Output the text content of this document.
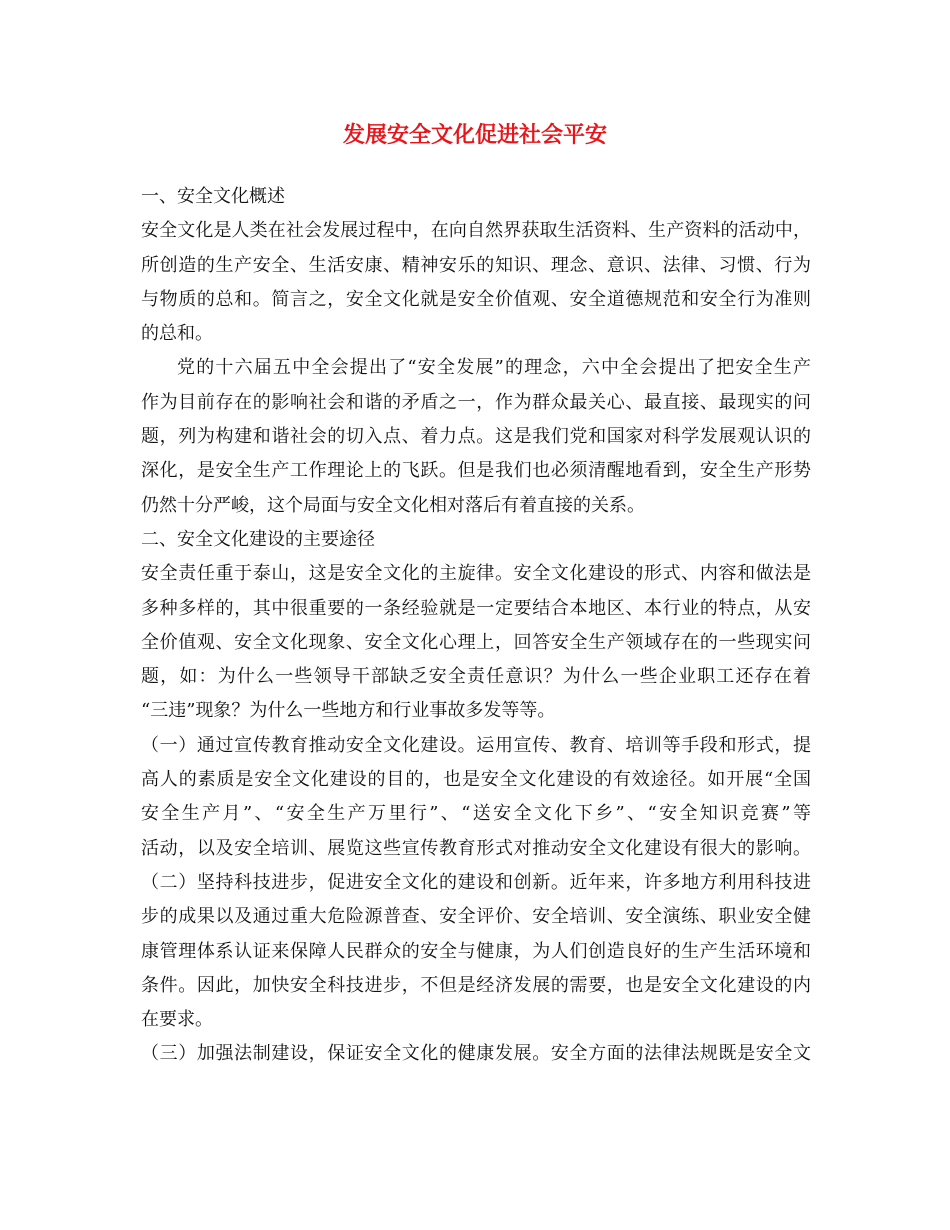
发展安全文化促进社会平安
一、安全文化概述
安全文化是人类在社会发展过程中，在向自然界获取生活资料、生产资料的活动中，
所创造的生产安全、生活安康、精神安乐的知识、理念、意识、法律、习惯、行为
与物质的总和。简言之，安全文化就是安全价值观、安全道德规范和安全行为准则
的总和。
党的十六届五中全会提出了“安全发展”的理念，六中全会提出了把安全生产
作为目前存在的影响社会和谐的矛盾之一，作为群众最关心、最直接、最现实的问
题，列为构建和谐社会的切入点、着力点。这是我们党和国家对科学发展观认识的
深化，是安全生产工作理论上的飞跃。但是我们也必须清醒地看到，安全生产形势
仍然十分严峻，这个局面与安全文化相对落后有着直接的关系。
二、安全文化建设的主要途径
安全责任重于泰山，这是安全文化的主旋律。安全文化建设的形式、内容和做法是
多种多样的，其中很重要的一条经验就是一定要结合本地区、本行业的特点，从安
全价值观、安全文化现象、安全文化心理上，回答安全生产领域存在的一些现实问
题，如：为什么一些领导干部缺乏安全责任意识？为什么一些企业职工还存在着
“三违”现象？为什么一些地方和行业事故多发等等。
（一）通过宣传教育推动安全文化建设。运用宣传、教育、培训等手段和形式，提
高人的素质是安全文化建设的目的，也是安全文化建设的有效途径。如开展“全国
安全生产月”、“安全生产万里行”、“送安全文化下乡”、“安全知识竞赛”等
活动，以及安全培训、展览这些宣传教育形式对推动安全文化建设有很大的影响。
（二）坚持科技进步，促进安全文化的建设和创新。近年来，许多地方利用科技进
步的成果以及通过重大危险源普查、安全评价、安全培训、安全演练、职业安全健
康管理体系认证来保障人民群众的安全与健康，为人们创造良好的生产生活环境和
条件。因此，加快安全科技进步，不但是经济发展的需要，也是安全文化建设的内
在要求。
（三）加强法制建设，保证安全文化的健康发展。安全方面的法律法规既是安全文
